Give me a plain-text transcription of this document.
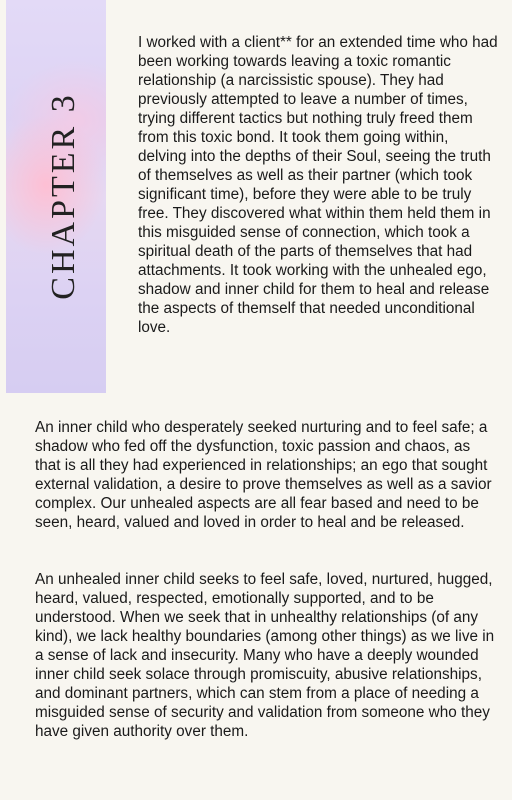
CHAPTER 3

I worked with a client** for an extended time who had been working towards leaving a toxic romantic relationship (a narcissistic spouse). They had previously attempted to leave a number of times, trying different tactics but nothing truly freed them from this toxic bond. It took them going within, delving into the depths of their Soul, seeing the truth of themselves as well as their partner (which took significant time), before they were able to be truly free. They discovered what within them held them in this misguided sense of connection, which took a spiritual death of the parts of themselves that had attachments. It took working with the unhealed ego, shadow and inner child for them to heal and release the aspects of themself that needed unconditional love.

An inner child who desperately seeked nurturing and to feel safe; a shadow who fed off the dysfunction, toxic passion and chaos, as that is all they had experienced in relationships; an ego that sought external validation, a desire to prove themselves as well as a savior complex. Our unhealed aspects are all fear based and need to be seen, heard, valued and loved in order to heal and be released.

An unhealed inner child seeks to feel safe, loved, nurtured, hugged, heard, valued, respected, emotionally supported, and to be understood. When we seek that in unhealthy relationships (of any kind), we lack healthy boundaries (among other things) as we live in a sense of lack and insecurity. Many who have a deeply wounded inner child seek solace through promiscuity, abusive relationships, and dominant partners, which can stem from a place of needing a misguided sense of security and validation from someone who they have given authority over them.
